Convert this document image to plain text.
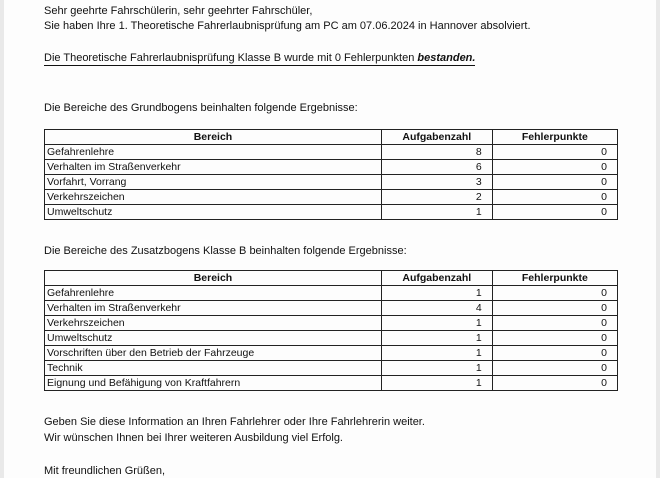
Sehr geehrte Fahrschülerin, sehr geehrter Fahrschüler,
Sie haben Ihre 1. Theoretische Fahrerlaubnisprüfung am PC am 07.06.2024 in Hannover absolviert.
Die Theoretische Fahrerlaubnisprüfung Klasse B wurde mit 0 Fehlerpunkten bestanden.
Die Bereiche des Grundbogens beinhalten folgende Ergebnisse:
Bereich	Aufgabenzahl	Fehlerpunkte
Gefahrenlehre	8	0
Verhalten im Straßenverkehr	6	0
Vorfahrt, Vorrang	3	0
Verkehrszeichen	2	0
Umweltschutz	1	0
Die Bereiche des Zusatzbogens Klasse B beinhalten folgende Ergebnisse:
Bereich	Aufgabenzahl	Fehlerpunkte
Gefahrenlehre	1	0
Verhalten im Straßenverkehr	4	0
Verkehrszeichen	1	0
Umweltschutz	1	0
Vorschriften über den Betrieb der Fahrzeuge	1	0
Technik	1	0
Eignung und Befähigung von Kraftfahrern	1	0
Geben Sie diese Information an Ihren Fahrlehrer oder Ihre Fahrlehrerin weiter.
Wir wünschen Ihnen bei Ihrer weiteren Ausbildung viel Erfolg.
Mit freundlichen Grüßen,
